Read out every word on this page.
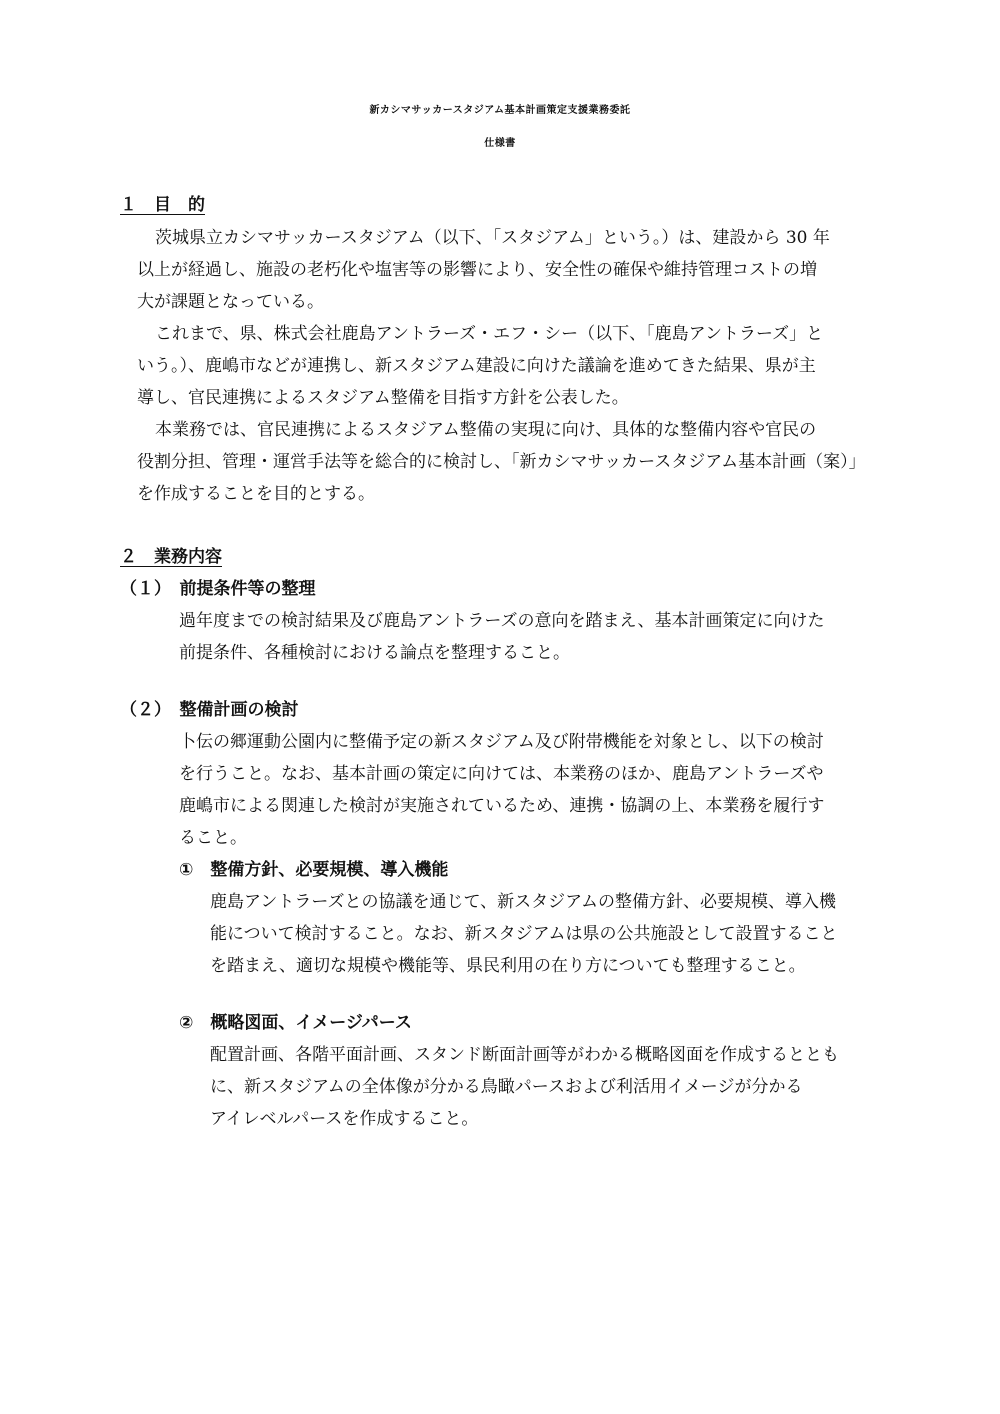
新カシマサッカースタジアム基本計画策定支援業務委託
仕様書
１　目　的
茨城県立カシマサッカースタジアム（以下、「スタジアム」という。）は、建設から 30 年
以上が経過し、施設の老朽化や塩害等の影響により、安全性の確保や維持管理コストの増
大が課題となっている。
これまで、県、株式会社鹿島アントラーズ・エフ・シー（以下、「鹿島アントラーズ」と
いう。）、鹿嶋市などが連携し、新スタジアム建設に向けた議論を進めてきた結果、県が主
導し、官民連携によるスタジアム整備を目指す方針を公表した。
本業務では、官民連携によるスタジアム整備の実現に向け、具体的な整備内容や官民の
役割分担、管理・運営手法等を総合的に検討し、「新カシマサッカースタジアム基本計画（案）」
を作成することを目的とする。
２　業務内容
（１）　前提条件等の整理
過年度までの検討結果及び鹿島アントラーズの意向を踏まえ、基本計画策定に向けた
前提条件、各種検討における論点を整理すること。
（２）　整備計画の検討
卜伝の郷運動公園内に整備予定の新スタジアム及び附帯機能を対象とし、以下の検討
を行うこと。なお、基本計画の策定に向けては、本業務のほか、鹿島アントラーズや
鹿嶋市による関連した検討が実施されているため、連携・協調の上、本業務を履行す
ること。
①　整備方針、必要規模、導入機能
鹿島アントラーズとの協議を通じて、新スタジアムの整備方針、必要規模、導入機
能について検討すること。なお、新スタジアムは県の公共施設として設置すること
を踏まえ、適切な規模や機能等、県民利用の在り方についても整理すること。
②　概略図面、イメージパース
配置計画、各階平面計画、スタンド断面計画等がわかる概略図面を作成するととも
に、新スタジアムの全体像が分かる鳥瞰パースおよび利活用イメージが分かる
アイレベルパースを作成すること。
